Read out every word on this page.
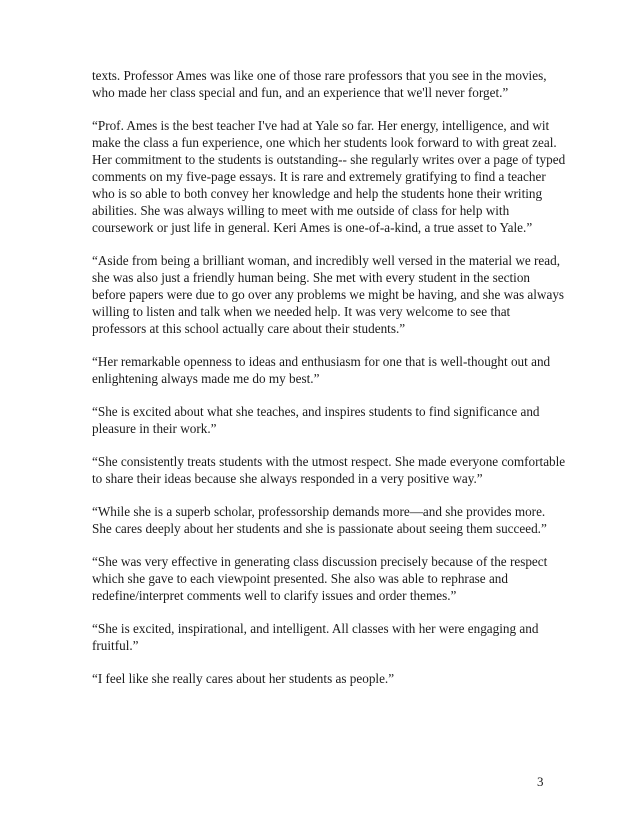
texts. Professor Ames was like one of those rare professors that you see in the movies,
who made her class special and fun, and an experience that we'll never forget.”

“Prof. Ames is the best teacher I've had at Yale so far. Her energy, intelligence, and wit
make the class a fun experience, one which her students look forward to with great zeal.
Her commitment to the students is outstanding-- she regularly writes over a page of typed
comments on my five-page essays. It is rare and extremely gratifying to find a teacher
who is so able to both convey her knowledge and help the students hone their writing
abilities. She was always willing to meet with me outside of class for help with
coursework or just life in general. Keri Ames is one-of-a-kind, a true asset to Yale.”

“Aside from being a brilliant woman, and incredibly well versed in the material we read,
she was also just a friendly human being. She met with every student in the section
before papers were due to go over any problems we might be having, and she was always
willing to listen and talk when we needed help. It was very welcome to see that
professors at this school actually care about their students.”

“Her remarkable openness to ideas and enthusiasm for one that is well-thought out and
enlightening always made me do my best.”

“She is excited about what she teaches, and inspires students to find significance and
pleasure in their work.”

“She consistently treats students with the utmost respect. She made everyone comfortable
to share their ideas because she always responded in a very positive way.”

“While she is a superb scholar, professorship demands more—and she provides more.
She cares deeply about her students and she is passionate about seeing them succeed.”

“She was very effective in generating class discussion precisely because of the respect
which she gave to each viewpoint presented. She also was able to rephrase and
redefine/interpret comments well to clarify issues and order themes.”

“She is excited, inspirational, and intelligent. All classes with her were engaging and
fruitful.”

“I feel like she really cares about her students as people.”

3
